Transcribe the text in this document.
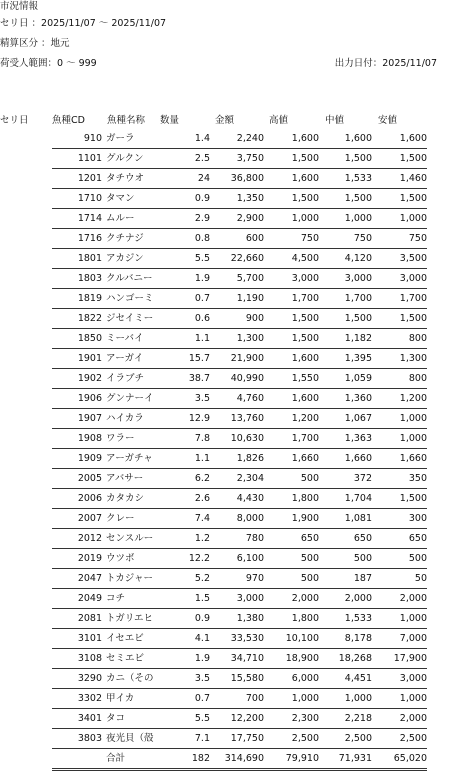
市況情報
セリ日 ：2025/11/07 ～ 2025/11/07
精算区分 ：地元
荷受人範囲：0 ～ 999	出力日付：2025/11/07
セリ日 魚種CD 魚種名称 数量	金額	高値	中値	安値
910 ガーラ	1.4	2,240	1,600	1,600	1,600
1101 グルクン	2.5	3,750	1,500	1,500	1,500
1201 タチウオ	24	36,800	1,600	1,533	1,460
1710 タマン	0.9	1,350	1,500	1,500	1,500
1714 ムルー	2.9	2,900	1,000	1,000	1,000
1716 クチナジ	0.8	600	750	750	750
1801 アカジン	5.5	22,660	4,500	4,120	3,500
1803 クルバニー	1.9	5,700	3,000	3,000	3,000
1819 ハンゴーミ	0.7	1,190	1,700	1,700	1,700
1822 ジセイミー	0.6	900	1,500	1,500	1,500
1850 ミーバイ	1.1	1,300	1,500	1,182	800
1901 アーガイ	15.7	21,900	1,600	1,395	1,300
1902 イラブチ	38.7	40,990	1,550	1,059	800
1906 グンナーイ	3.5	4,760	1,600	1,360	1,200
1907 ハイカラ	12.9	13,760	1,200	1,067	1,000
1908 ワラー	7.8	10,630	1,700	1,363	1,000
1909 アーガチャ	1.1	1,826	1,660	1,660	1,660
2005 アバサー	6.2	2,304	500	372	350
2006 カタカシ	2.6	4,430	1,800	1,704	1,500
2007 クレー	7.4	8,000	1,900	1,081	300
2012 センスルー	1.2	780	650	650	650
2019 ウツボ	12.2	6,100	500	500	500
2047 トカジャー	5.2	970	500	187	50
2049 コチ	1.5	3,000	2,000	2,000	2,000
2081 トガリエヒ	0.9	1,380	1,800	1,533	1,000
3101 イセエビ	4.1	33,530	10,100	8,178	7,000
3108 セミエビ	1.9	34,710	18,900	18,268	17,900
3290 カニ（その	3.5	15,580	6,000	4,451	3,000
3302 甲イカ	0.7	700	1,000	1,000	1,000
3401 タコ	5.5	12,200	2,300	2,218	2,000
3803 夜光貝（殻	7.1	17,750	2,500	2,500	2,500
合計	182	314,690	79,910	71,931	65,020
